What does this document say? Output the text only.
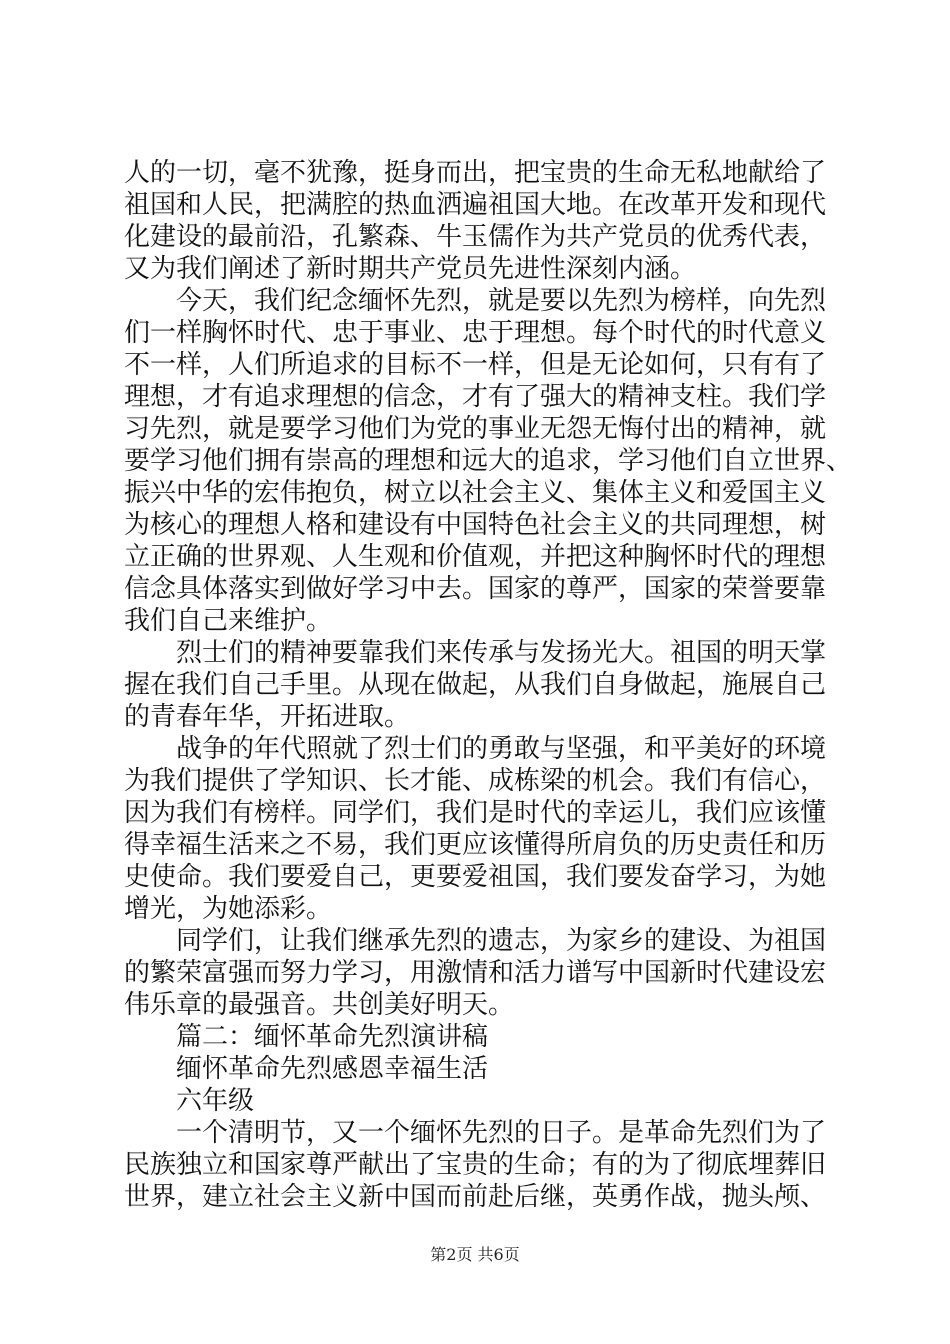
人的一切，毫不犹豫，挺身而出，把宝贵的生命无私地献给了
祖国和人民，把满腔的热血洒遍祖国大地。在改革开发和现代
化建设的最前沿，孔繁森、牛玉儒作为共产党员的优秀代表，
又为我们阐述了新时期共产党员先进性深刻内涵。
今天，我们纪念缅怀先烈，就是要以先烈为榜样，向先烈
们一样胸怀时代、忠于事业、忠于理想。每个时代的时代意义
不一样，人们所追求的目标不一样，但是无论如何，只有有了
理想，才有追求理想的信念，才有了强大的精神支柱。我们学
习先烈，就是要学习他们为党的事业无怨无悔付出的精神，就
要学习他们拥有崇高的理想和远大的追求，学习他们自立世界、
振兴中华的宏伟抱负，树立以社会主义、集体主义和爱国主义
为核心的理想人格和建设有中国特色社会主义的共同理想，树
立正确的世界观、人生观和价值观，并把这种胸怀时代的理想
信念具体落实到做好学习中去。国家的尊严，国家的荣誉要靠
我们自己来维护。
烈士们的精神要靠我们来传承与发扬光大。祖国的明天掌
握在我们自己手里。从现在做起，从我们自身做起，施展自己
的青春年华，开拓进取。
战争的年代照就了烈士们的勇敢与坚强，和平美好的环境
为我们提供了学知识、长才能、成栋梁的机会。我们有信心，
因为我们有榜样。同学们，我们是时代的幸运儿，我们应该懂
得幸福生活来之不易，我们更应该懂得所肩负的历史责任和历
史使命。我们要爱自己，更要爱祖国，我们要发奋学习，为她
增光，为她添彩。
同学们，让我们继承先烈的遗志，为家乡的建设、为祖国
的繁荣富强而努力学习，用激情和活力谱写中国新时代建设宏
伟乐章的最强音。共创美好明天。
篇二：缅怀革命先烈演讲稿
缅怀革命先烈感恩幸福生活
六年级
一个清明节，又一个缅怀先烈的日子。是革命先烈们为了
民族独立和国家尊严献出了宝贵的生命；有的为了彻底埋葬旧
世界，建立社会主义新中国而前赴后继，英勇作战，抛头颅、
第2页 共6页
